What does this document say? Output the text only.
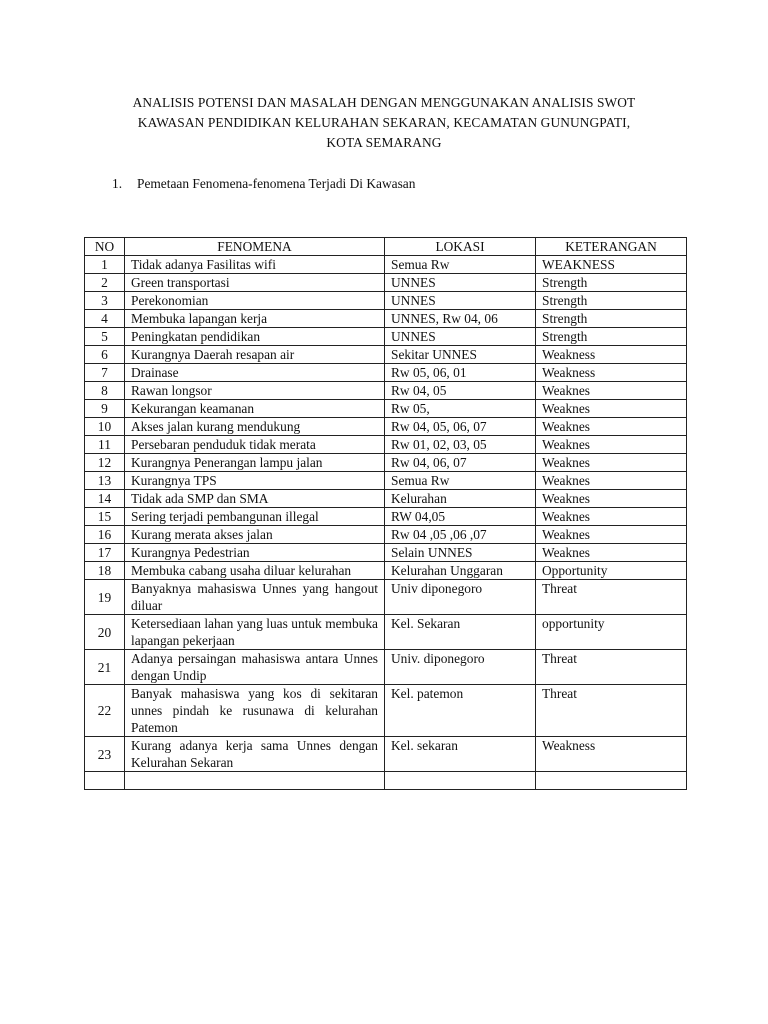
ANALISIS POTENSI DAN MASALAH DENGAN MENGGUNAKAN ANALISIS SWOT
KAWASAN PENDIDIKAN KELURAHAN SEKARAN, KECAMATAN GUNUNGPATI,
KOTA SEMARANG
1. Pemetaan Fenomena-fenomena Terjadi Di Kawasan
NO	FENOMENA	LOKASI	KETERANGAN
1	Tidak adanya Fasilitas wifi	Semua Rw	WEAKNESS
2	Green transportasi	UNNES	Strength
3	Perekonomian	UNNES	Strength
4	Membuka lapangan kerja	UNNES, Rw 04, 06	Strength
5	Peningkatan pendidikan	UNNES	Strength
6	Kurangnya Daerah resapan air	Sekitar UNNES	Weakness
7	Drainase	Rw 05, 06, 01	Weakness
8	Rawan longsor	Rw 04, 05	Weaknes
9	Kekurangan keamanan	Rw 05,	Weaknes
10	Akses jalan kurang mendukung	Rw 04, 05, 06, 07	Weaknes
11	Persebaran penduduk tidak merata	Rw 01, 02, 03, 05	Weaknes
12	Kurangnya Penerangan lampu jalan	Rw 04, 06, 07	Weaknes
13	Kurangnya TPS	Semua Rw	Weaknes
14	Tidak ada SMP dan SMA	Kelurahan	Weaknes
15	Sering terjadi pembangunan illegal	RW 04,05	Weaknes
16	Kurang merata akses jalan	Rw 04 ,05 ,06 ,07	Weaknes
17	Kurangnya Pedestrian	Selain UNNES	Weaknes
18	Membuka cabang usaha diluar kelurahan	Kelurahan Unggaran	Opportunity
19	Banyaknya mahasiswa Unnes yang hangout diluar	Univ diponegoro	Threat
20	Ketersediaan lahan yang luas untuk membuka lapangan pekerjaan	Kel. Sekaran	opportunity
21	Adanya persaingan mahasiswa antara Unnes dengan Undip	Univ. diponegoro	Threat
22	Banyak mahasiswa yang kos di sekitaran unnes pindah ke rusunawa di kelurahan Patemon	Kel. patemon	Threat
23	Kurang adanya kerja sama Unnes dengan Kelurahan Sekaran	Kel. sekaran	Weakness
